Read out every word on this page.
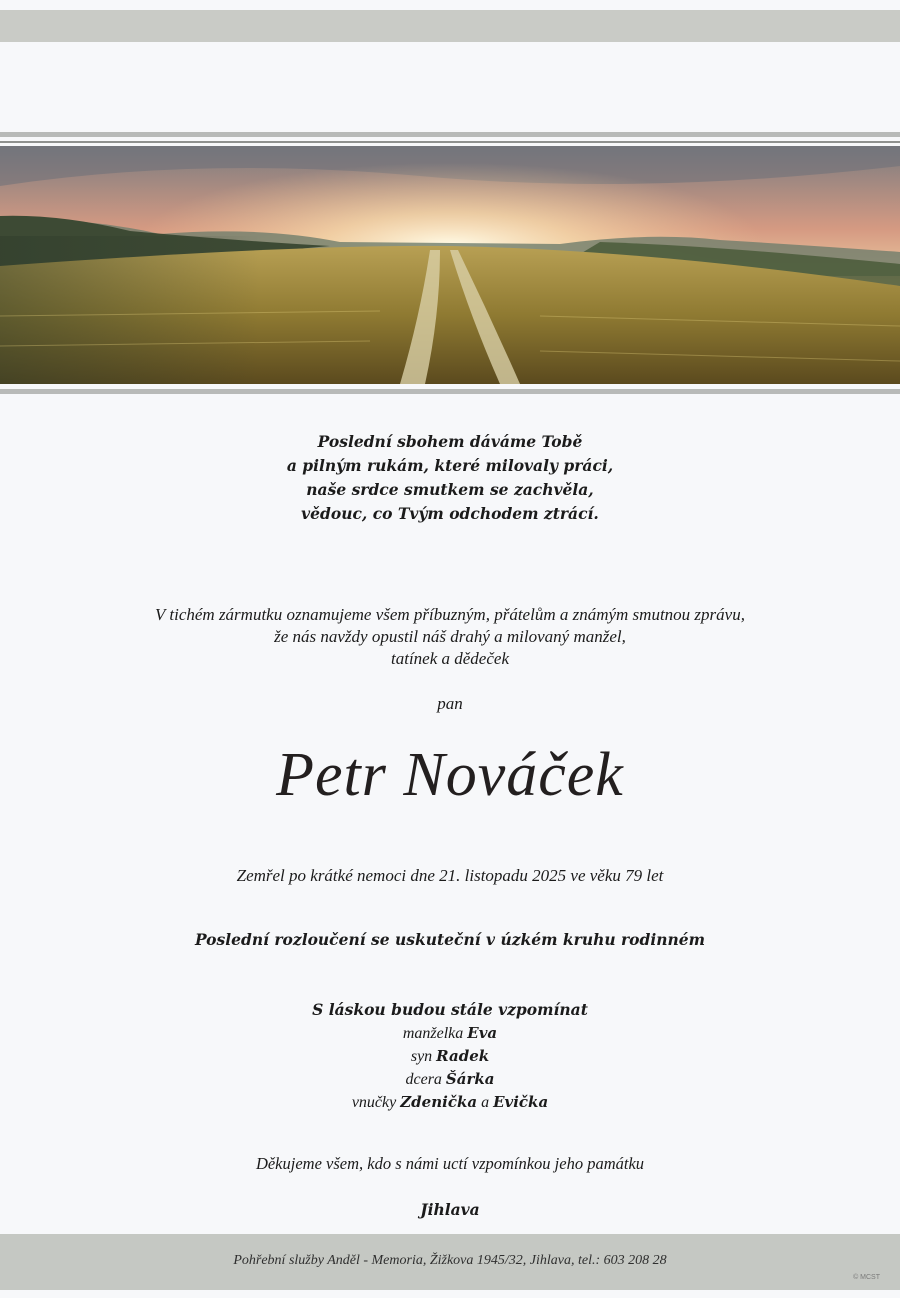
Poslední sbohem dáváme Tobě
a pilným rukám, které milovaly práci,
naše srdce smutkem se zachvěla,
vědouc, co Tvým odchodem ztrácí.
V tichém zármutku oznamujeme všem příbuzným, přátelům a známým smutnou zprávu,
že nás navždy opustil náš drahý a milovaný manžel,
tatínek a dědeček
pan
Petr Nováček
Zemřel po krátké nemoci dne 21. listopadu 2025 ve věku 79 let
Poslední rozloučení se uskuteční v úzkém kruhu rodinném
S láskou budou stále vzpomínat
manželka Eva
syn Radek
dcera Šárka
vnučky Zdenička a Evička
Děkujeme všem, kdo s námi uctí vzpomínkou jeho památku
Jihlava
Pohřební služby Anděl - Memoria, Žižkova 1945/32, Jihlava, tel.: 603 208 28
© MCST
